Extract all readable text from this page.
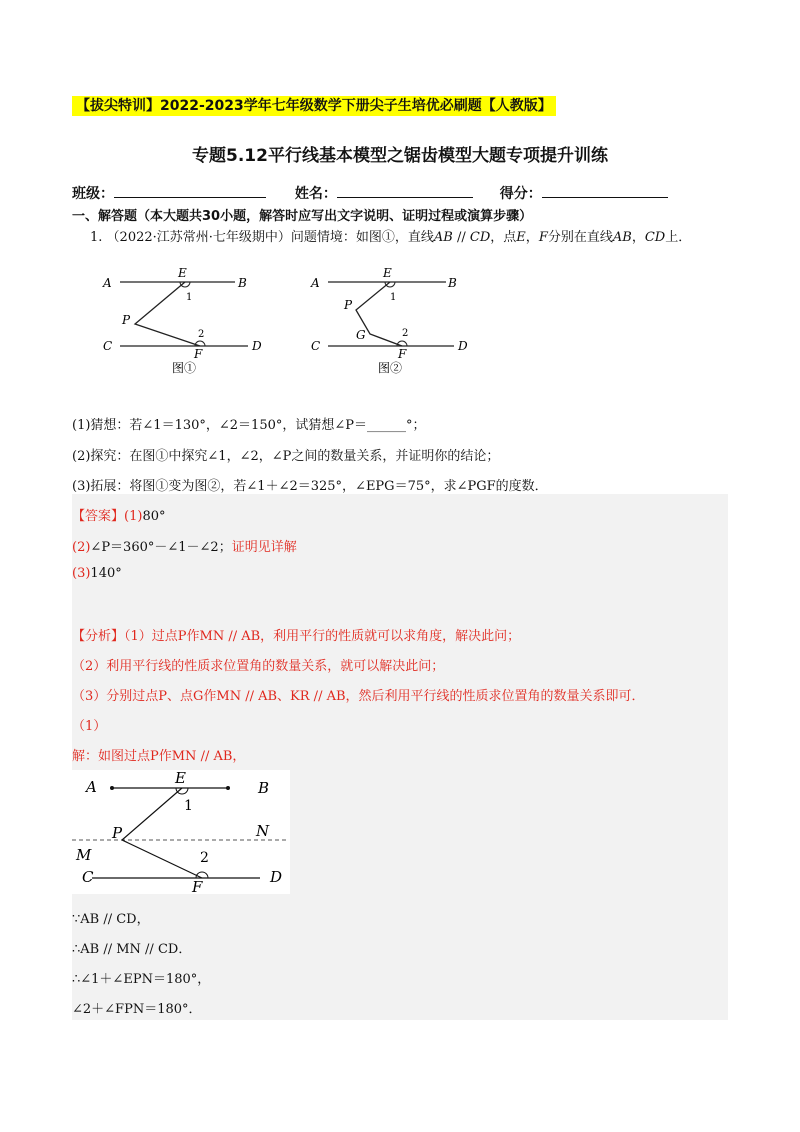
【拔尖特训】2022-2023学年七年级数学下册尖子生培优必刷题【人教版】
专题5.12平行线基本模型之锯齿模型大题专项提升训练
班级：	姓名：	得分：
一、解答题（本大题共30小题，解答时应写出文字说明、证明过程或演算步骤）
1. （2022·江苏常州·七年级期中）问题情境：如图①，直线AB // CD，点E，F分别在直线AB，CD上．
A	B
C	D
E
F
P
1
2
图①
A	B
C	D
E
F
P
G
1
2
图②
(1)猜想：若∠1＝130°，∠2＝150°，试猜想∠P＝______°；
(2)探究：在图①中探究∠1，∠2，∠P之间的数量关系，并证明你的结论；
(3)拓展：将图①变为图②，若∠1＋∠2＝325°，∠EPG＝75°，求∠PGF的度数．
【答案】(1)80°
(2)∠P＝360°－∠1－∠2；证明见详解
(3)140°
【分析】（1）过点P作MN // AB，利用平行的性质就可以求角度，解决此问；
（2）利用平行线的性质求位置角的数量关系，就可以解决此问；
（3）分别过点P、点G作MN // AB、KR // AB，然后利用平行线的性质求位置角的数量关系即可．
（1）
解：如图过点P作MN // AB，
A	B
C	D
E
F
P
M
N
1
2
∵AB // CD，
∴AB // MN // CD．
∴∠1＋∠EPN＝180°，
∠2＋∠FPN＝180°．
